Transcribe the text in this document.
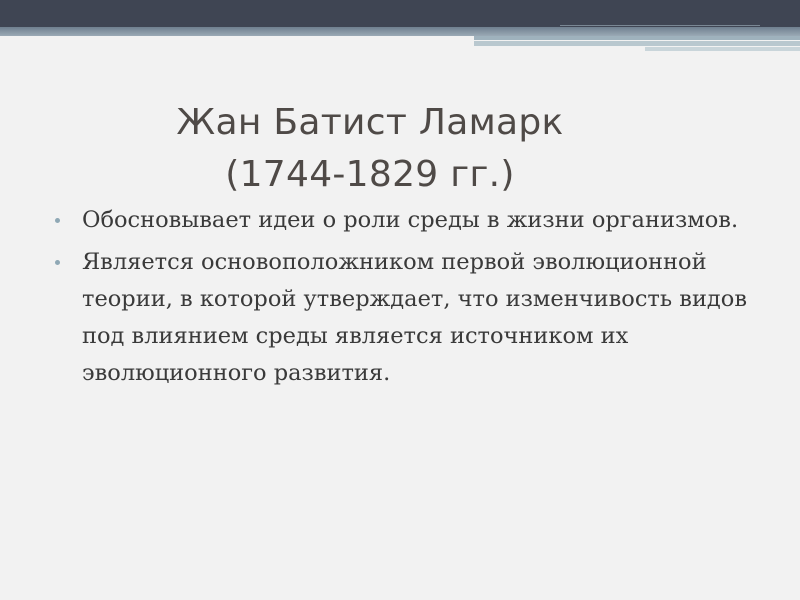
Жан Батист Ламарк
(1744-1829 гг.)
Обосновывает идеи о роли среды в жизни организмов.
Является основоположником первой эволюционной теории, в которой утверждает, что изменчивость видов под влиянием среды является источником их эволюционного развития.
